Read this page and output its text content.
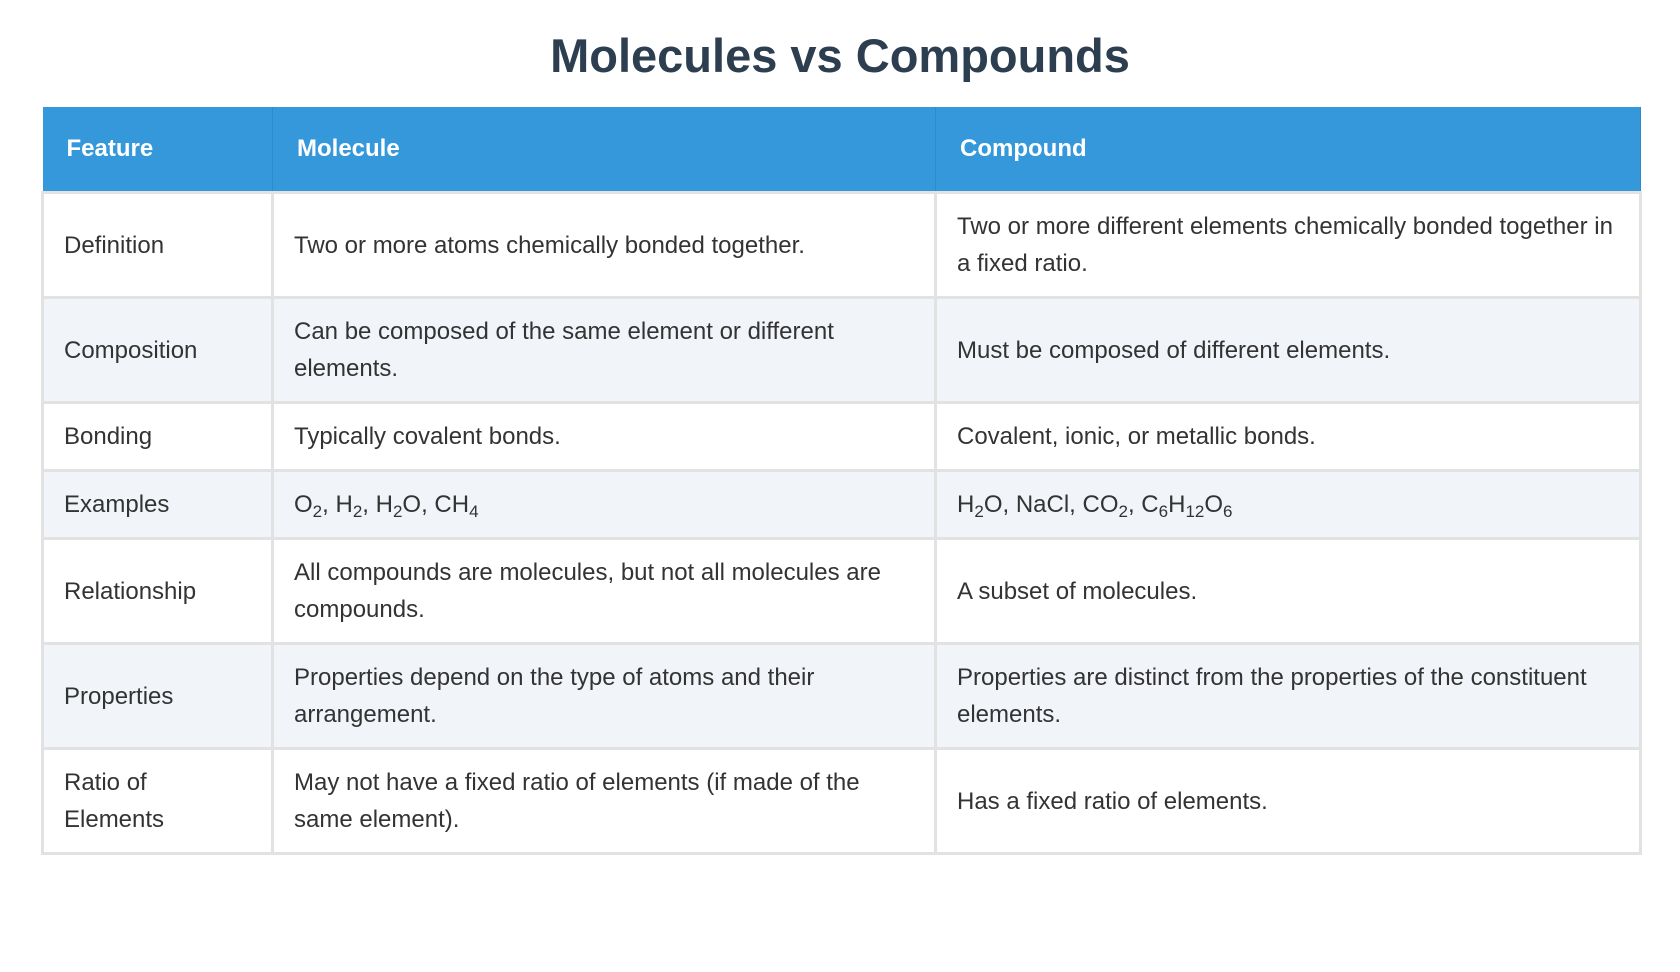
Molecules vs Compounds
Feature	Molecule	Compound
Definition	Two or more atoms chemically bonded together.	Two or more different elements chemically bonded together in a fixed ratio.
Composition	Can be composed of the same element or different elements.	Must be composed of different elements.
Bonding	Typically covalent bonds.	Covalent, ionic, or metallic bonds.
Examples	$O_2$, $H_2$, $H_2O$, $CH_4$	$H_2O$, NaCl, $CO_2$, $C_6H_{12}O_6$
Relationship	All compounds are molecules, but not all molecules are compounds.	A subset of molecules.
Properties	Properties depend on the type of atoms and their arrangement.	Properties are distinct from the properties of the constituent elements.
Ratio of Elements	May not have a fixed ratio of elements (if made of the same element).	Has a fixed ratio of elements.
